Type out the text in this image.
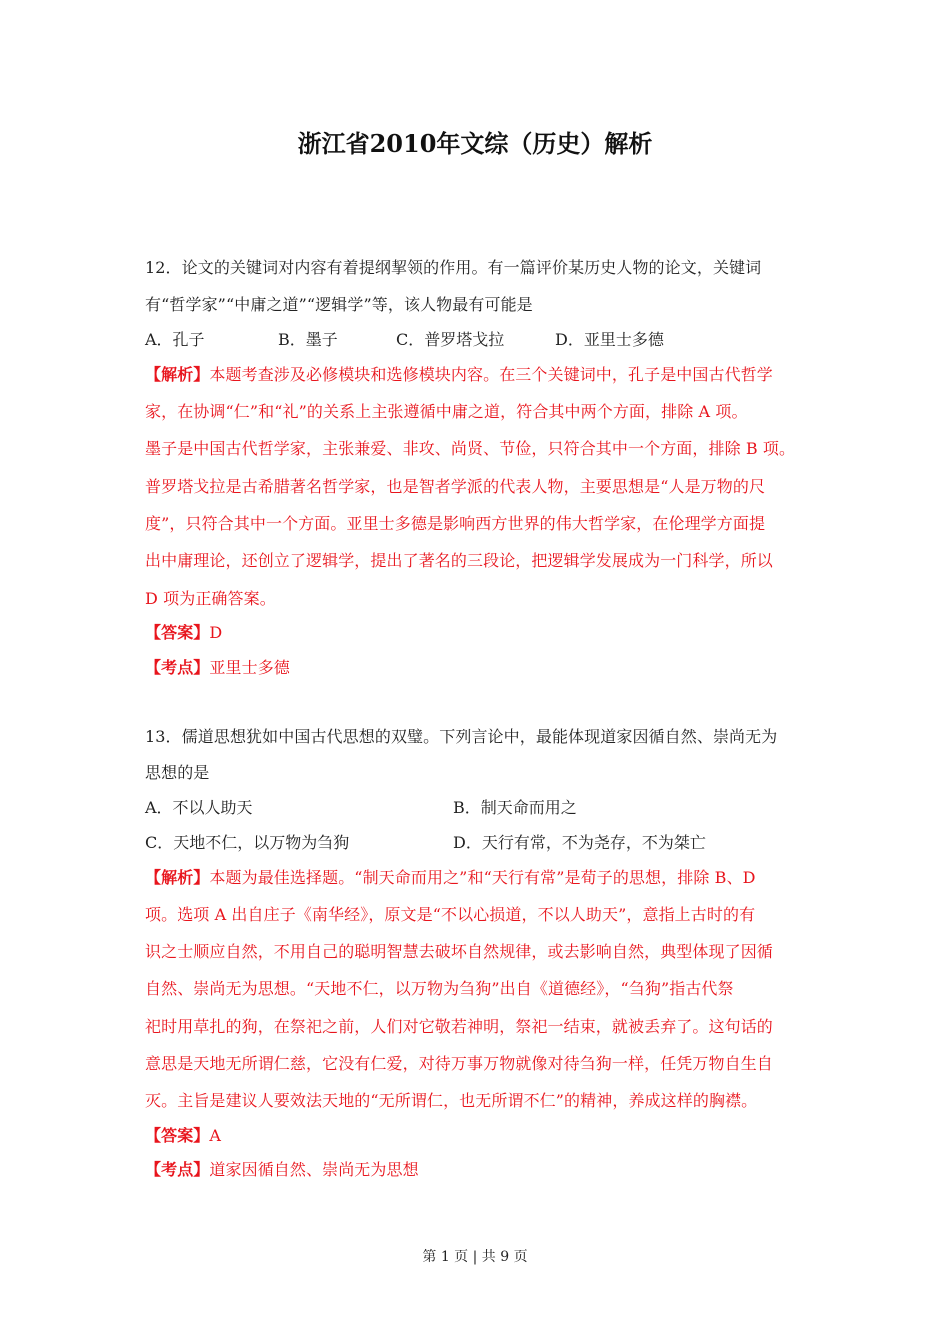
浙江省2010年文综（历史）解析
12．论文的关键词对内容有着提纲挈领的作用。有一篇评价某历史人物的论文，关键词
有“哲学家”“中庸之道”“逻辑学”等，该人物最有可能是
A．孔子	B．墨子	C．普罗塔戈拉	D．亚里士多德
【解析】本题考查涉及必修模块和选修模块内容。在三个关键词中，孔子是中国古代哲学
家，在协调“仁”和“礼”的关系上主张遵循中庸之道，符合其中两个方面，排除 A 项。
墨子是中国古代哲学家，主张兼爱、非攻、尚贤、节俭，只符合其中一个方面，排除 B 项。
普罗塔戈拉是古希腊著名哲学家，也是智者学派的代表人物，主要思想是“人是万物的尺
度”，只符合其中一个方面。亚里士多德是影响西方世界的伟大哲学家，在伦理学方面提
出中庸理论，还创立了逻辑学，提出了著名的三段论，把逻辑学发展成为一门科学，所以
D 项为正确答案。
【答案】D
【考点】亚里士多德
13．儒道思想犹如中国古代思想的双璧。下列言论中，最能体现道家因循自然、崇尚无为
思想的是
A．不以人助天	B．制天命而用之
C．天地不仁，以万物为刍狗	D．天行有常，不为尧存，不为桀亡
【解析】本题为最佳选择题。“制天命而用之”和“天行有常”是荀子的思想，排除 B、D
项。选项 A 出自庄子《南华经》，原文是“不以心损道，不以人助天”，意指上古时的有
识之士顺应自然，不用自己的聪明智慧去破坏自然规律，或去影响自然，典型体现了因循
自然、崇尚无为思想。“天地不仁，以万物为刍狗”出自《道德经》，“刍狗”指古代祭
祀时用草扎的狗，在祭祀之前，人们对它敬若神明，祭祀一结束，就被丢弃了。这句话的
意思是天地无所谓仁慈，它没有仁爱，对待万事万物就像对待刍狗一样，任凭万物自生自
灭。主旨是建议人要效法天地的“无所谓仁，也无所谓不仁”的精神，养成这样的胸襟。
【答案】A
【考点】道家因循自然、崇尚无为思想
第 1 页 | 共 9 页
